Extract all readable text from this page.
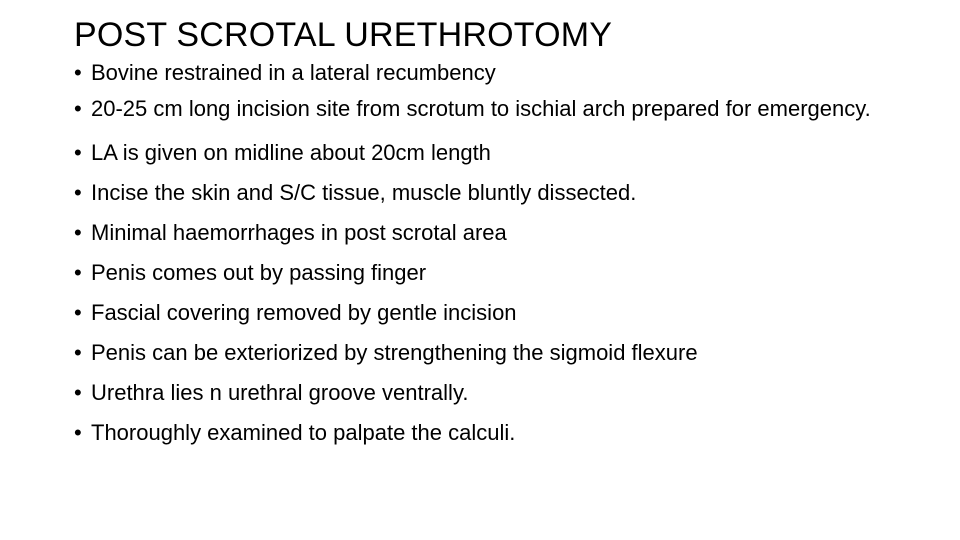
POST SCROTAL URETHROTOMY
• Bovine restrained in a lateral recumbency
• 20-25 cm long incision site from scrotum to ischial arch prepared for emergency.
• LA is given on midline about 20cm length
• Incise the skin and S/C tissue, muscle bluntly dissected.
• Minimal haemorrhages in post scrotal area
• Penis comes out by passing finger
• Fascial covering removed by gentle incision
• Penis can be exteriorized by strengthening the sigmoid flexure
• Urethra lies n urethral groove ventrally.
• Thoroughly examined to palpate the calculi.
